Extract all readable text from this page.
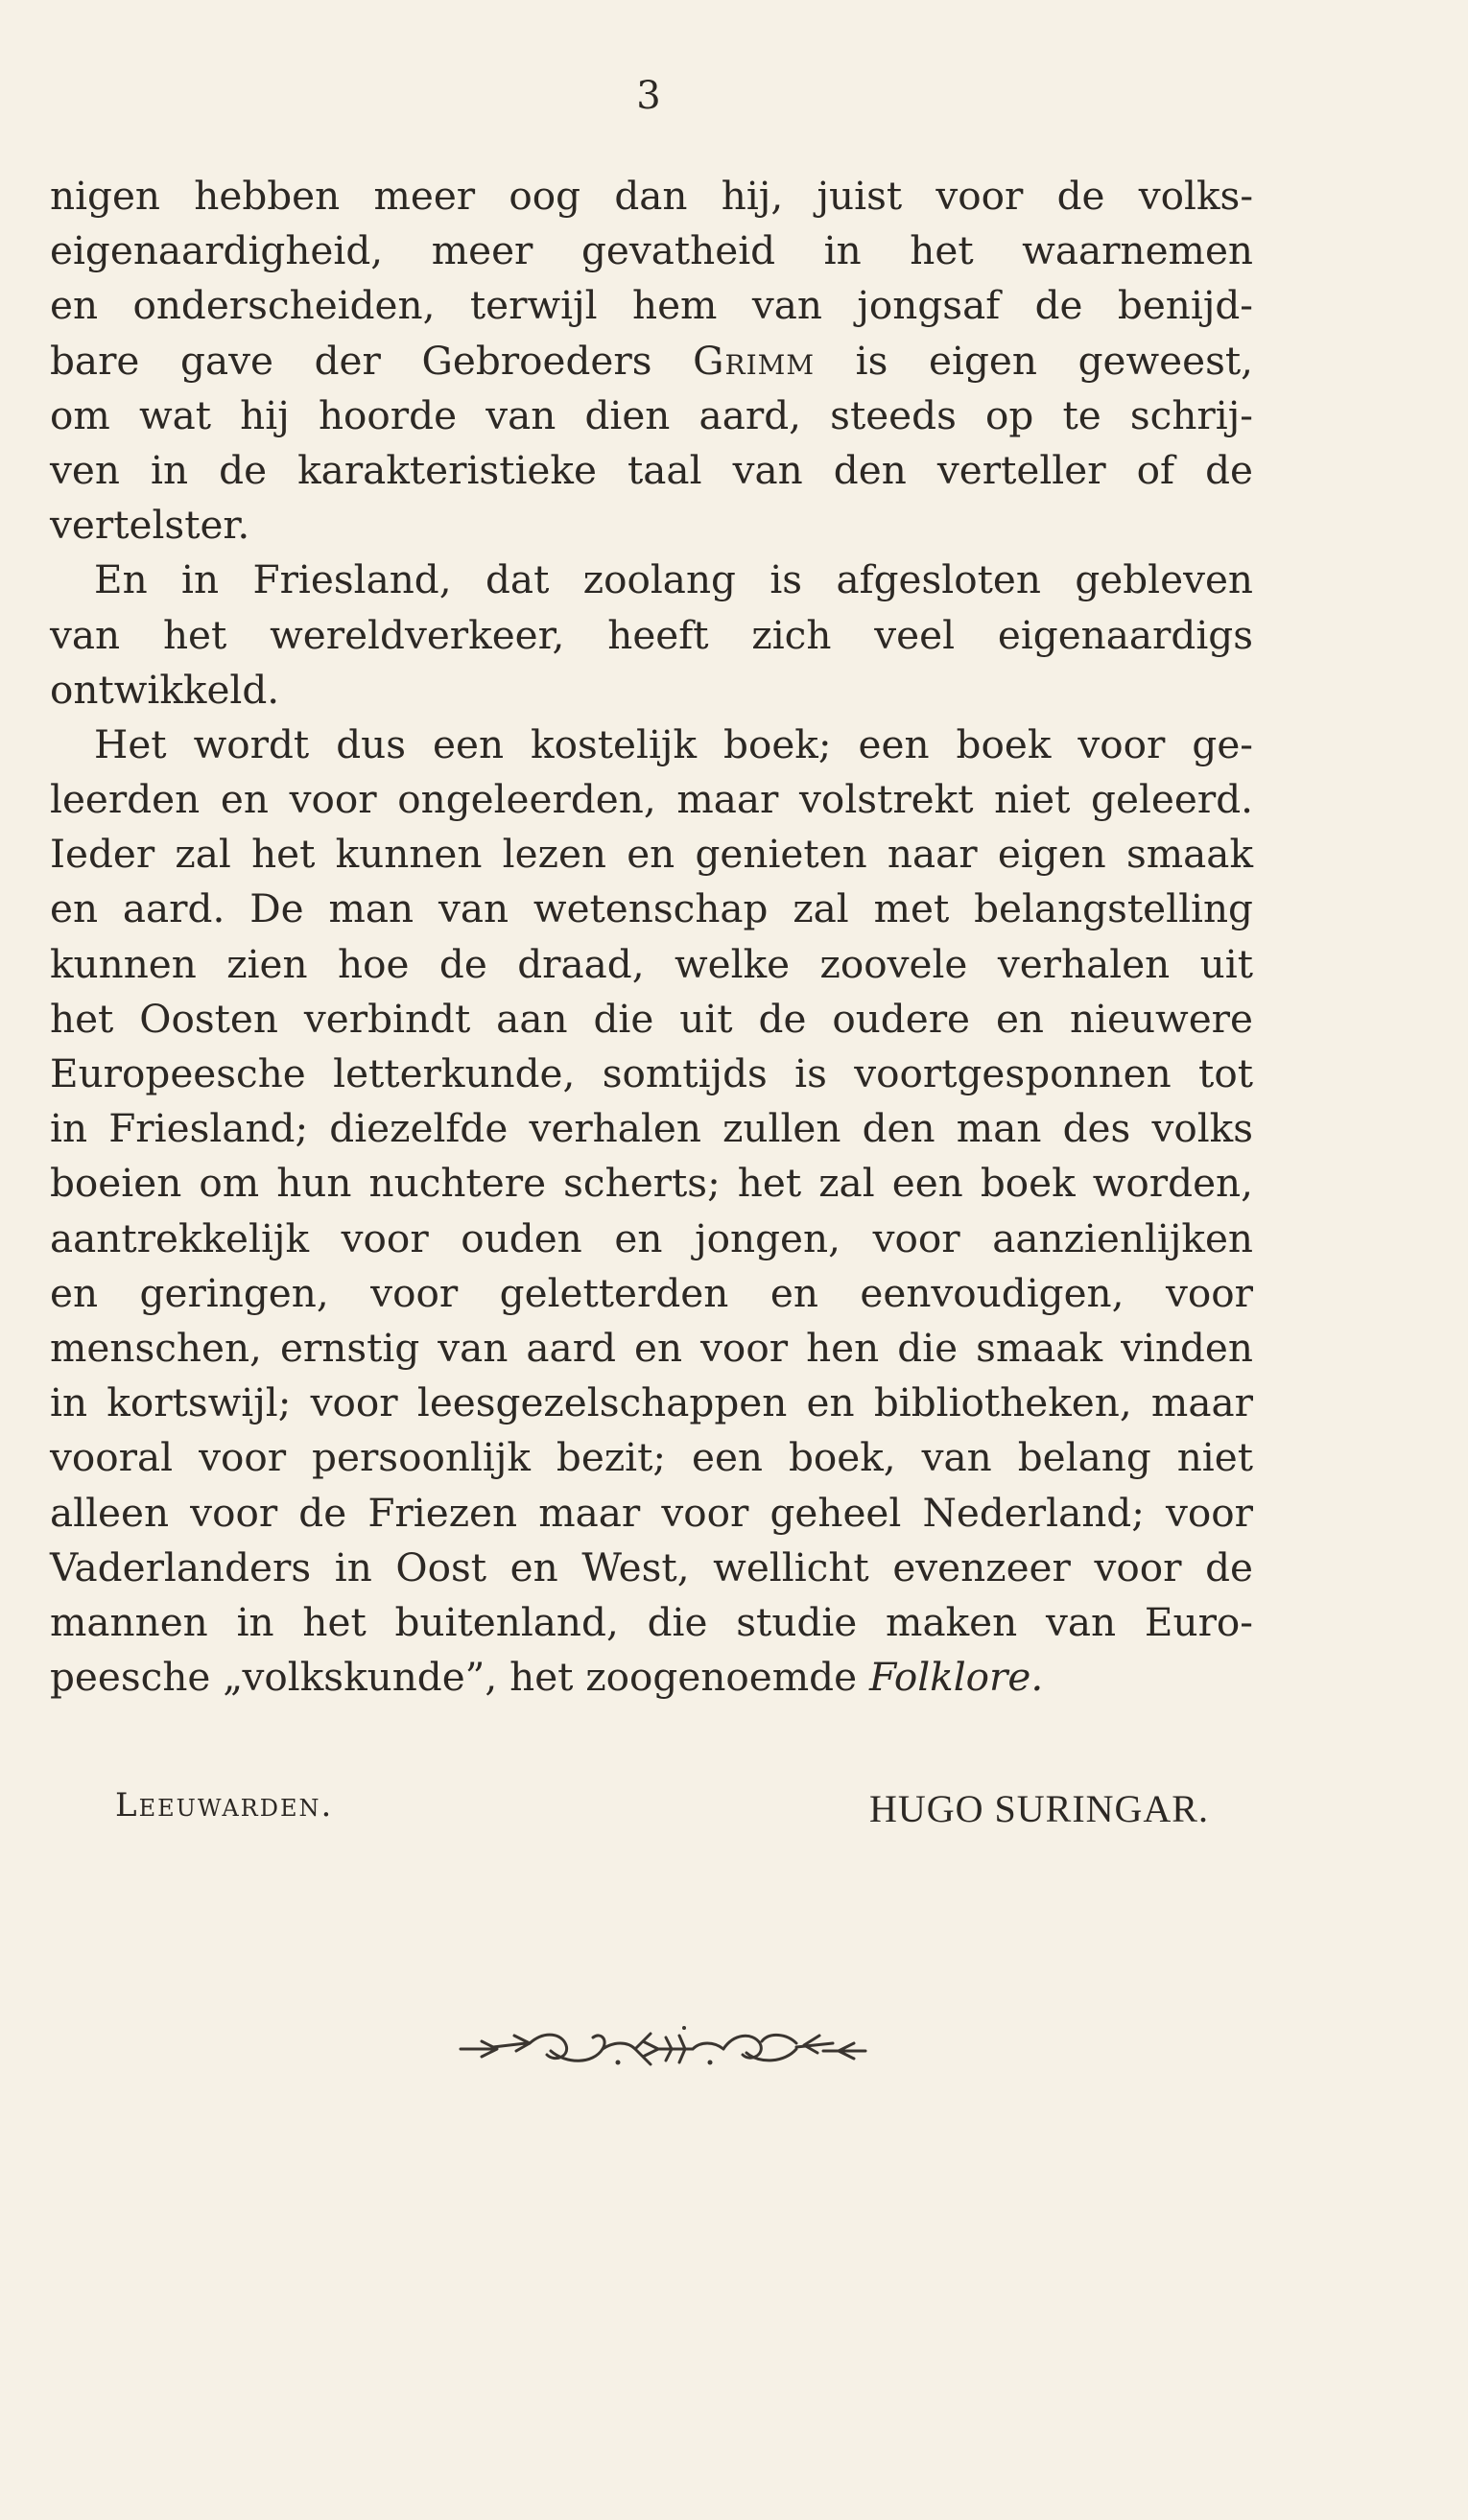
3
nigen hebben meer oog dan hij, juist voor de volks-
eigenaardigheid, meer gevatheid in het waarnemen
en onderscheiden, terwijl hem van jongsaf de benijd-
bare gave der Gebroeders Grimm is eigen geweest,
om wat hij hoorde van dien aard, steeds op te schrij-
ven in de karakteristieke taal van den verteller of de
vertelster.
En in Friesland, dat zoolang is afgesloten gebleven
van het wereldverkeer, heeft zich veel eigenaardigs
ontwikkeld.
Het wordt dus een kostelijk boek; een boek voor ge-
leerden en voor ongeleerden, maar volstrekt niet geleerd.
Ieder zal het kunnen lezen en genieten naar eigen smaak
en aard. De man van wetenschap zal met belangstelling
kunnen zien hoe de draad, welke zoovele verhalen uit
het Oosten verbindt aan die uit de oudere en nieuwere
Europeesche letterkunde, somtijds is voortgesponnen tot
in Friesland; diezelfde verhalen zullen den man des volks
boeien om hun nuchtere scherts; het zal een boek worden,
aantrekkelijk voor ouden en jongen, voor aanzienlijken
en geringen, voor geletterden en eenvoudigen, voor
menschen, ernstig van aard en voor hen die smaak vinden
in kortswijl; voor leesgezelschappen en bibliotheken, maar
vooral voor persoonlijk bezit; een boek, van belang niet
alleen voor de Friezen maar voor geheel Nederland; voor
Vaderlanders in Oost en West, wellicht evenzeer voor de
mannen in het buitenland, die studie maken van Euro-
peesche „volkskunde”, het zoogenoemde Folklore.
Leeuwarden.	HUGO SURINGAR.
